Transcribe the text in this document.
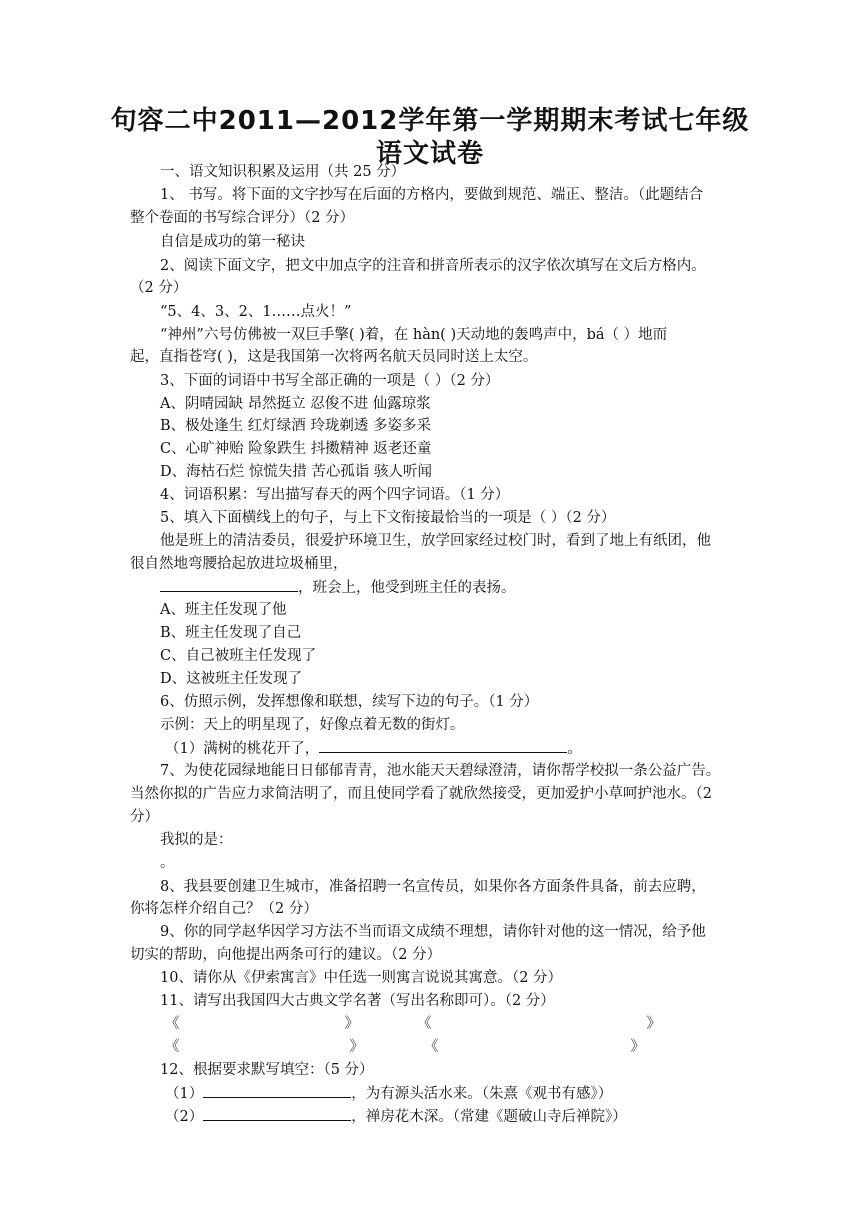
句容二中2011—2012学年第一学期期末考试七年级
语文试卷
一、语文知识积累及运用（共 25 分）
1、 书写。将下面的文字抄写在后面的方格内，要做到规范、端正、整洁。（此题结合
整个卷面的书写综合评分）（2 分）
自信是成功的第一秘诀
2、阅读下面文字，把文中加点字的注音和拼音所表示的汉字依次填写在文后方格内。
（2 分）
“5、4、3、2、1……点火！”
“神州”六号仿佛被一双巨手擎( )着，在 hàn( )天动地的轰鸣声中，bá（ ）地而
起，直指苍穹( )，这是我国第一次将两名航天员同时送上太空。
3、下面的词语中书写全部正确的一项是（ ）（2 分）
A、阴晴园缺 昂然挺立 忍俊不进 仙露琼浆
B、极处逢生 红灯绿酒 玲珑剃透 多姿多采
C、心旷神贻 险象跌生 抖擞精神 返老还童
D、海枯石烂 惊慌失措 苦心孤诣 骇人听闻
4、词语积累：写出描写春天的两个四字词语。（1 分）
5、填入下面横线上的句子，与上下文衔接最恰当的一项是（ ）（2 分）
他是班上的清洁委员，很爱护环境卫生，放学回家经过校门时，看到了地上有纸团，他
很自然地弯腰拾起放进垃圾桶里，
，班会上，他受到班主任的表扬。
A、班主任发现了他
B、班主任发现了自己
C、自己被班主任发现了
D、这被班主任发现了
6、仿照示例，发挥想像和联想，续写下边的句子。（1 分）
示例：天上的明星现了，好像点着无数的街灯。
（1）满树的桃花开了，	。
7、为使花园绿地能日日郁郁青青，池水能天天碧绿澄清，请你帮学校拟一条公益广告。
当然你拟的广告应力求简洁明了，而且使同学看了就欣然接受，更加爱护小草呵护池水。（2
分）
我拟的是：
。
8、我县要创建卫生城市，准备招聘一名宣传员，如果你各方面条件具备，前去应聘，
你将怎样介绍自己？（2 分）
9、你的同学赵华因学习方法不当而语文成绩不理想，请你针对他的这一情况，给予他
切实的帮助，向他提出两条可行的建议。（2 分）
10、请你从《伊索寓言》中任选一则寓言说说其寓意。（2 分）
11、请写出我国四大古典文学名著（写出名称即可）。（2 分）
《	》	《	》
《	》	《	》
12、根据要求默写填空：（5 分）
（1）	，为有源头活水来。（朱熹《观书有感》）
（2）	，禅房花木深。（常建《题破山寺后禅院》）
